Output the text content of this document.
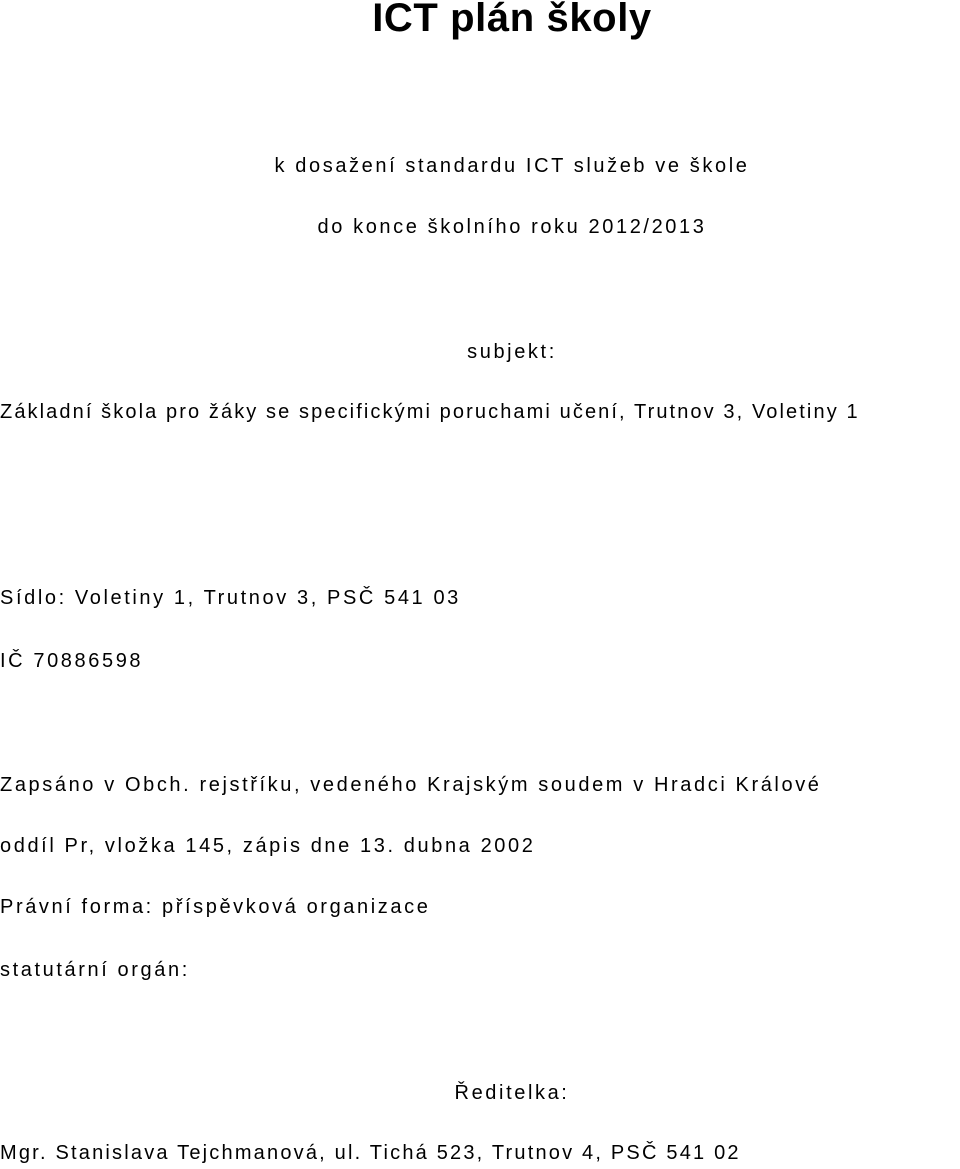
ICT plán školy
k dosažení standardu ICT služeb ve škole
do konce školního roku 2012/2013
subjekt:
Základní škola pro žáky se specifickými poruchami učení, Trutnov 3, Voletiny 1
Sídlo: Voletiny 1, Trutnov 3, PSČ 541 03
IČ 70886598
Zapsáno v Obch. rejstříku, vedeného Krajským soudem v Hradci Králové
oddíl Pr, vložka 145, zápis dne 13. dubna 2002
Právní forma: příspěvková organizace
statutární orgán:
Ředitelka:
Mgr. Stanislava Tejchmanová, ul. Tichá 523, Trutnov 4, PSČ 541 02
